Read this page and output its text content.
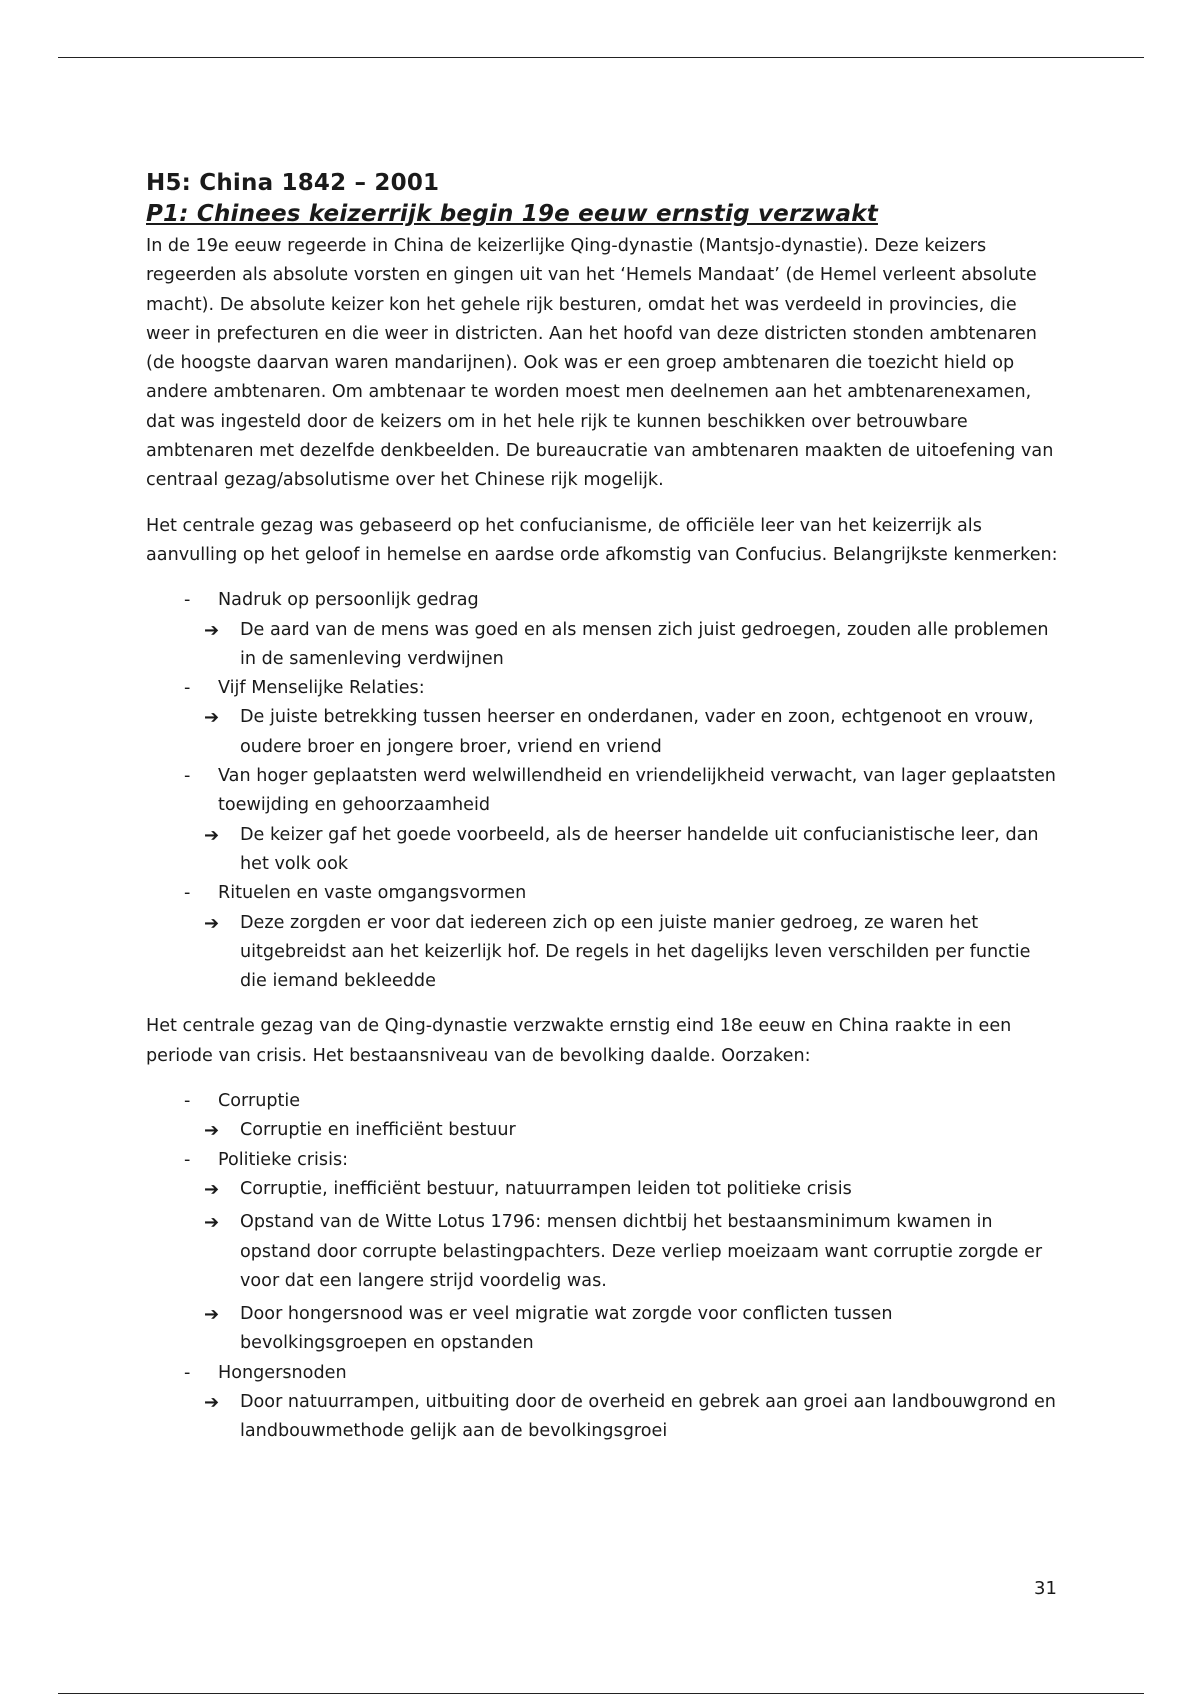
H5: China 1842 – 2001
P1: Chinees keizerrijk begin 19e eeuw ernstig verzwakt

In de 19e eeuw regeerde in China de keizerlijke Qing-dynastie (Mantsjo-dynastie). Deze keizers regeerden als absolute vorsten en gingen uit van het ‘Hemels Mandaat’ (de Hemel verleent absolute macht). De absolute keizer kon het gehele rijk besturen, omdat het was verdeeld in provincies, die weer in prefecturen en die weer in districten. Aan het hoofd van deze districten stonden ambtenaren (de hoogste daarvan waren mandarijnen). Ook was er een groep ambtenaren die toezicht hield op andere ambtenaren. Om ambtenaar te worden moest men deelnemen aan het ambtenarenexamen, dat was ingesteld door de keizers om in het hele rijk te kunnen beschikken over betrouwbare ambtenaren met dezelfde denkbeelden. De bureaucratie van ambtenaren maakten de uitoefening van centraal gezag/absolutisme over het Chinese rijk mogelijk.

Het centrale gezag was gebaseerd op het confucianisme, de officiële leer van het keizerrijk als aanvulling op het geloof in hemelse en aardse orde afkomstig van Confucius. Belangrijkste kenmerken:

- Nadruk op persoonlijk gedrag
➔ De aard van de mens was goed en als mensen zich juist gedroegen, zouden alle problemen in de samenleving verdwijnen
- Vijf Menselijke Relaties:
➔ De juiste betrekking tussen heerser en onderdanen, vader en zoon, echtgenoot en vrouw, oudere broer en jongere broer, vriend en vriend
- Van hoger geplaatsten werd welwillendheid en vriendelijkheid verwacht, van lager geplaatsten toewijding en gehoorzaamheid
➔ De keizer gaf het goede voorbeeld, als de heerser handelde uit confucianistische leer, dan het volk ook
- Rituelen en vaste omgangsvormen
➔ Deze zorgden er voor dat iedereen zich op een juiste manier gedroeg, ze waren het uitgebreidst aan het keizerlijk hof. De regels in het dagelijks leven verschilden per functie die iemand bekleedde

Het centrale gezag van de Qing-dynastie verzwakte ernstig eind 18e eeuw en China raakte in een periode van crisis. Het bestaansniveau van de bevolking daalde. Oorzaken:

- Corruptie
➔ Corruptie en inefficiënt bestuur
- Politieke crisis:
➔ Corruptie, inefficiënt bestuur, natuurrampen leiden tot politieke crisis
➔ Opstand van de Witte Lotus 1796: mensen dichtbij het bestaansminimum kwamen in opstand door corrupte belastingpachters. Deze verliep moeizaam want corruptie zorgde er voor dat een langere strijd voordelig was.
➔ Door hongersnood was er veel migratie wat zorgde voor conflicten tussen bevolkingsgroepen en opstanden
- Hongersnoden
➔ Door natuurrampen, uitbuiting door de overheid en gebrek aan groei aan landbouwgrond en landbouwmethode gelijk aan de bevolkingsgroei
31
